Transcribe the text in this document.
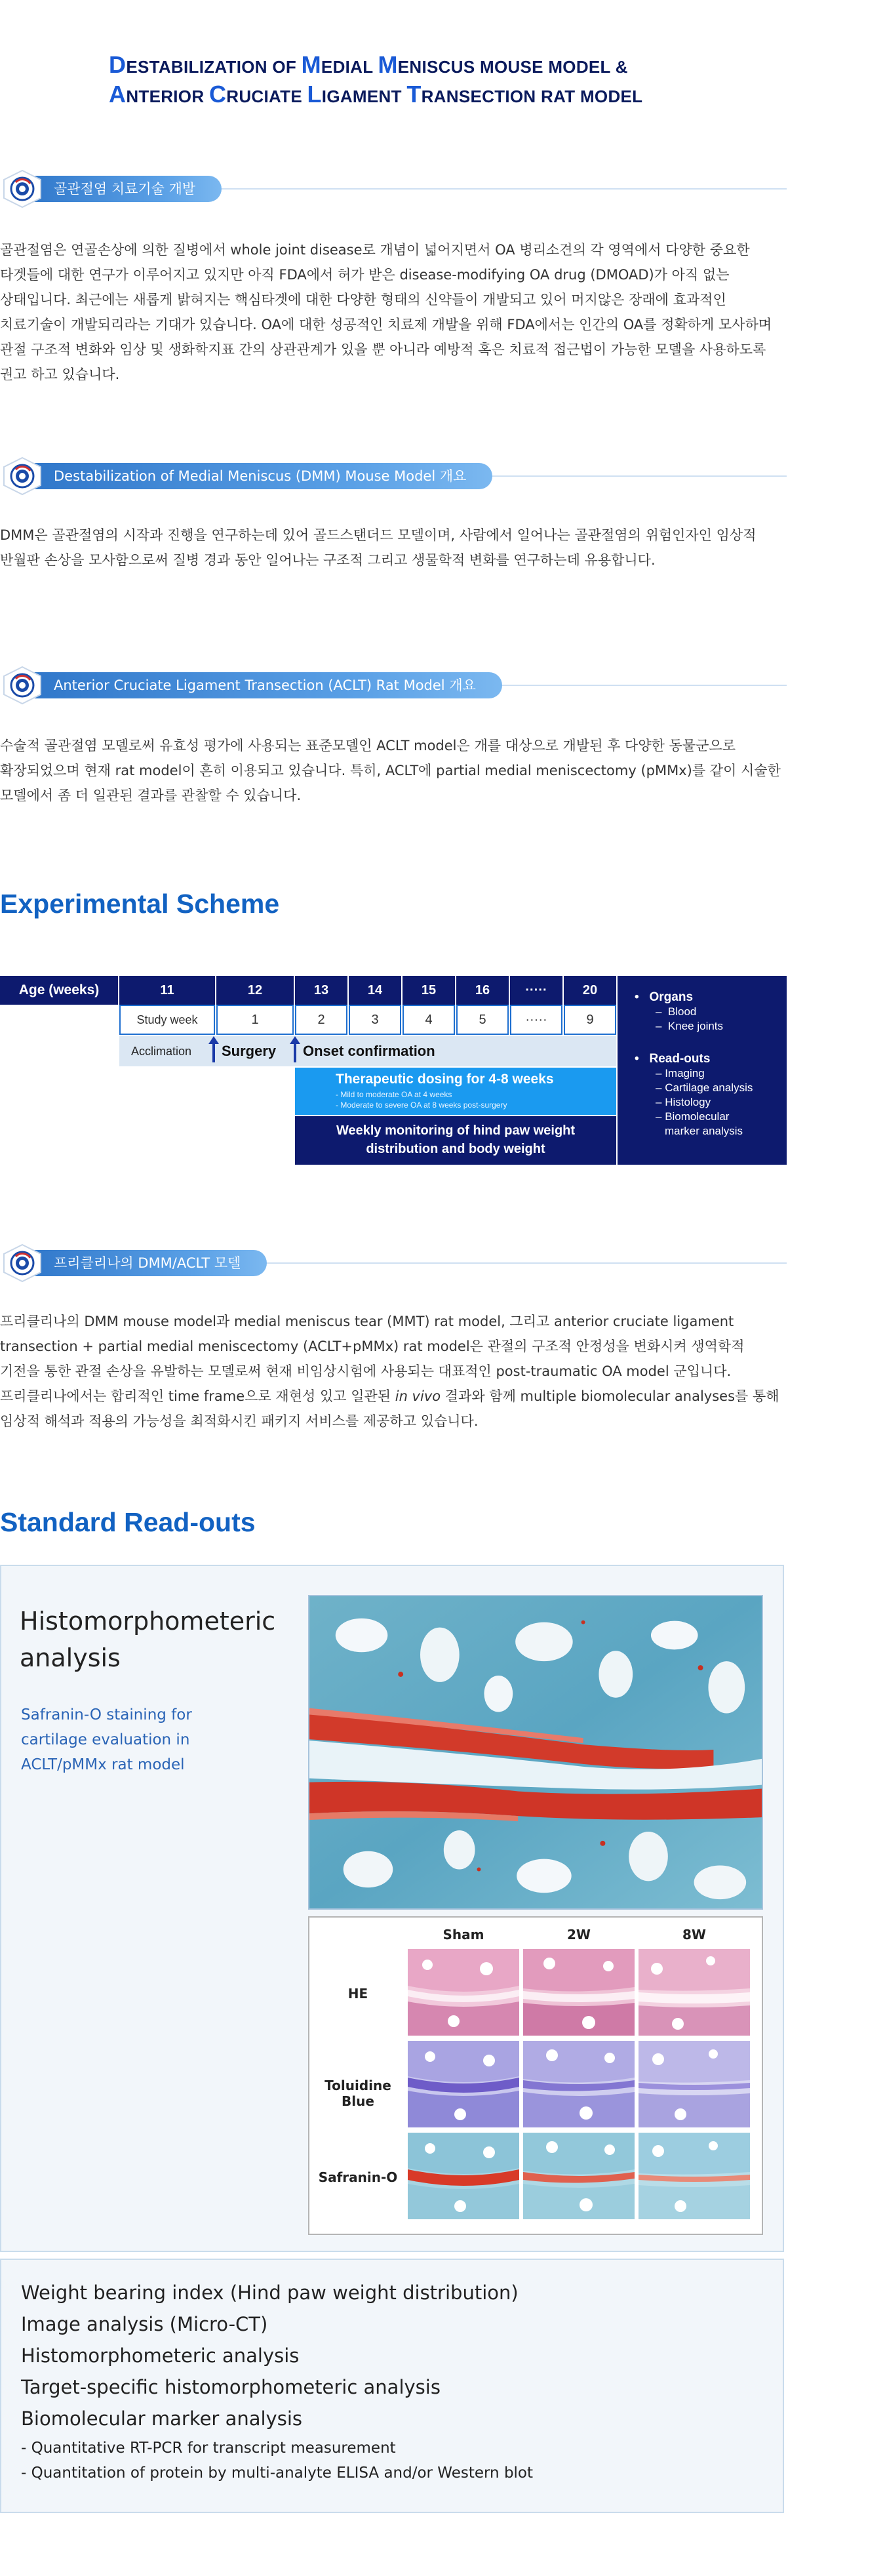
DESTABILIZATION OF MEDIAL MENISCUS MOUSE MODEL &
ANTERIOR CRUCIATE LIGAMENT TRANSECTION RAT MODEL
골관절염 치료기술 개발
골관절염은 연골손상에 의한 질병에서 whole joint disease로 개념이 넓어지면서 OA 병리소견의 각 영역에서 다양한 중요한 타겟들에 대한 연구가 이루어지고 있지만 아직 FDA에서 허가 받은 disease-modifying OA drug (DMOAD)가 아직 없는 상태입니다. 최근에는 새롭게 밝혀지는 핵심타겟에 대한 다양한 형태의 신약들이 개발되고 있어 머지않은 장래에 효과적인 치료기술이 개발되리라는 기대가 있습니다. OA에 대한 성공적인 치료제 개발을 위해 FDA에서는 인간의 OA를 정확하게 모사하며 관절 구조적 변화와 임상 및 생화학지표 간의 상관관계가 있을 뿐 아니라 예방적 혹은 치료적 접근법이 가능한 모델을 사용하도록 권고 하고 있습니다.
Destabilization of Medial Meniscus (DMM) Mouse Model 개요
DMM은 골관절염의 시작과 진행을 연구하는데 있어 골드스탠더드 모델이며, 사람에서 일어나는 골관절염의 위험인자인 임상적 반월판 손상을 모사함으로써 질병 경과 동안 일어나는 구조적 그리고 생물학적 변화를 연구하는데 유용합니다.
Anterior Cruciate Ligament Transection (ACLT) Rat Model 개요
수술적 골관절염 모델로써 유효성 평가에 사용되는 표준모델인 ACLT model은 개를 대상으로 개발된 후 다양한 동물군으로 확장되었으며 현재 rat model이 흔히 이용되고 있습니다. 특히, ACLT에 partial medial meniscectomy (pMMx)를 같이 시술한 모델에서 좀 더 일관된 결과를 관찰할 수 있습니다.
Experimental Scheme
Age (weeks)	11	12	13	14	15	16	·····	20
Study week	1	2	3	4	5	·····	9
Acclimation Surgery Onset confirmation
Therapeutic dosing for 4-8 weeks
- Mild to moderate OA at 4 weeks
- Moderate to severe OA at 8 weeks post-surgery
Weekly monitoring of hind paw weight
distribution and body weight
•   Organs
–  Blood
–  Knee joints
•   Read-outs
– Imaging
– Cartilage analysis
– Histology
– Biomolecular
marker analysis
프리클리나의 DMM/ACLT 모델
프리클리나의 DMM mouse model과 medial meniscus tear (MMT) rat model, 그리고 anterior cruciate ligament transection + partial medial meniscectomy (ACLT+pMMx) rat model은 관절의 구조적 안정성을 변화시켜 생역학적 기전을 통한 관절 손상을 유발하는 모델로써 현재 비임상시험에 사용되는 대표적인 post-traumatic OA model 군입니다. 프리클리나에서는 합리적인 time frame으로 재현성 있고 일관된 in vivo 결과와 함께 multiple biomolecular analyses를 통해 임상적 해석과 적용의 가능성을 최적화시킨 패키지 서비스를 제공하고 있습니다.
Standard Read-outs
Histomorphometeric
analysis
Safranin-O staining for cartilage evaluation in ACLT/pMMx rat model
Sham	2W	8W
HE
Toluidine Blue
Safranin-O
Weight bearing index (Hind paw weight distribution)
Image analysis (Micro-CT)
Histomorphometeric analysis
Target-specific histomorphometeric analysis
Biomolecular marker analysis
- Quantitative RT-PCR for transcript measurement
- Quantitation of protein by multi-analyte ELISA and/or Western blot
